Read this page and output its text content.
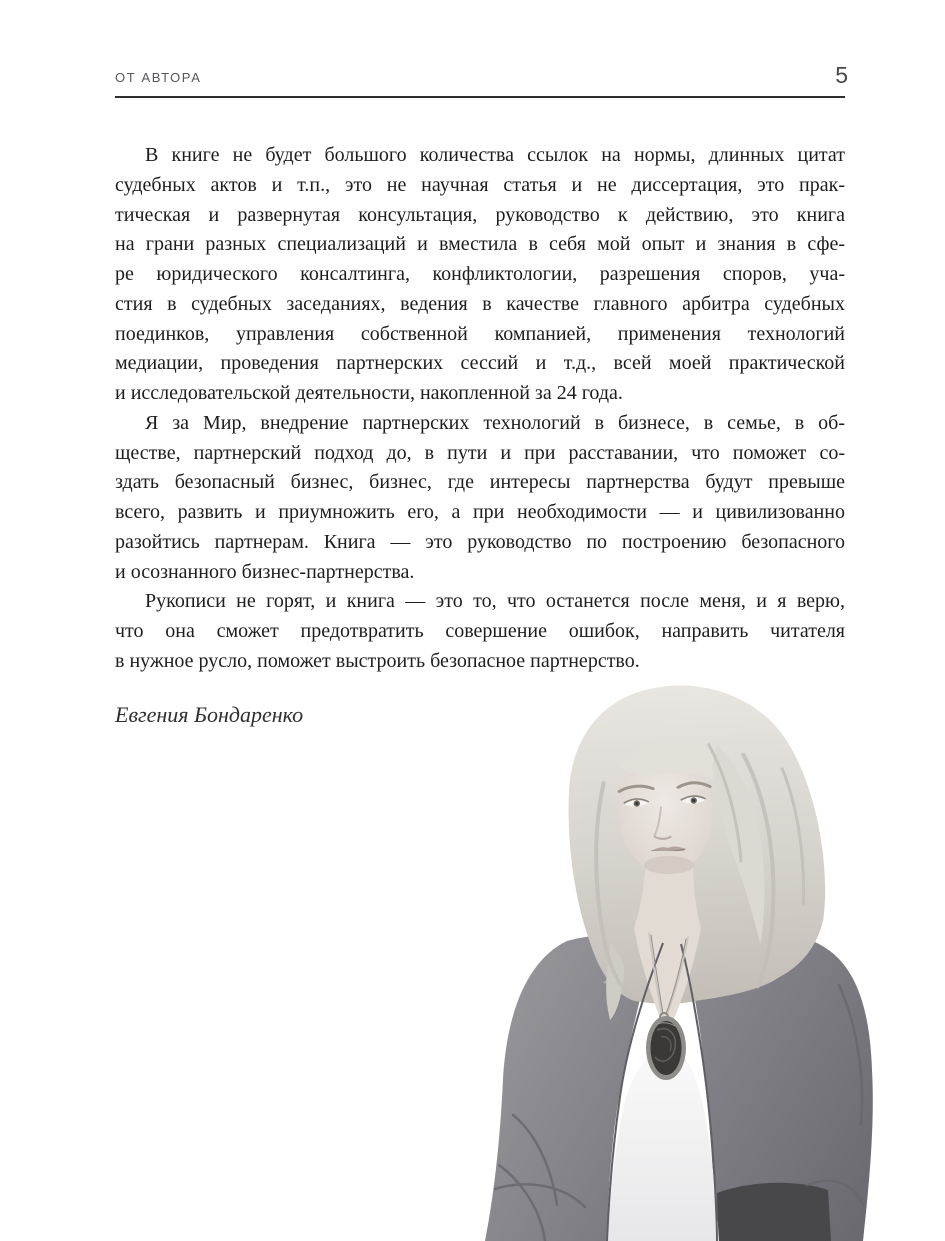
ОТ АВТОРА	5
В книге не будет большого количества ссылок на нормы, длинных цитат
судебных актов и т.п., это не научная статья и не диссертация, это прак-
тическая и развернутая консультация, руководство к действию, это книга
на грани разных специализаций и вместила в себя мой опыт и знания в сфе-
ре юридического консалтинга, конфликтологии, разрешения споров, уча-
стия в судебных заседаниях, ведения в качестве главного арбитра судебных
поединков, управления собственной компанией, применения технологий
медиации, проведения партнерских сессий и т.д., всей моей практической
и исследовательской деятельности, накопленной за 24 года.
Я за Мир, внедрение партнерских технологий в бизнесе, в семье, в об-
ществе, партнерский подход до, в пути и при расставании, что поможет со-
здать безопасный бизнес, бизнес, где интересы партнерства будут превыше
всего, развить и приумножить его, а при необходимости — и цивилизованно
разойтись партнерам. Книга — это руководство по построению безопасного
и осознанного бизнес-партнерства.
Рукописи не горят, и книга — это то, что останется после меня, и я верю,
что она сможет предотвратить совершение ошибок, направить читателя
в нужное русло, поможет выстроить безопасное партнерство.
Евгения Бондаренко
